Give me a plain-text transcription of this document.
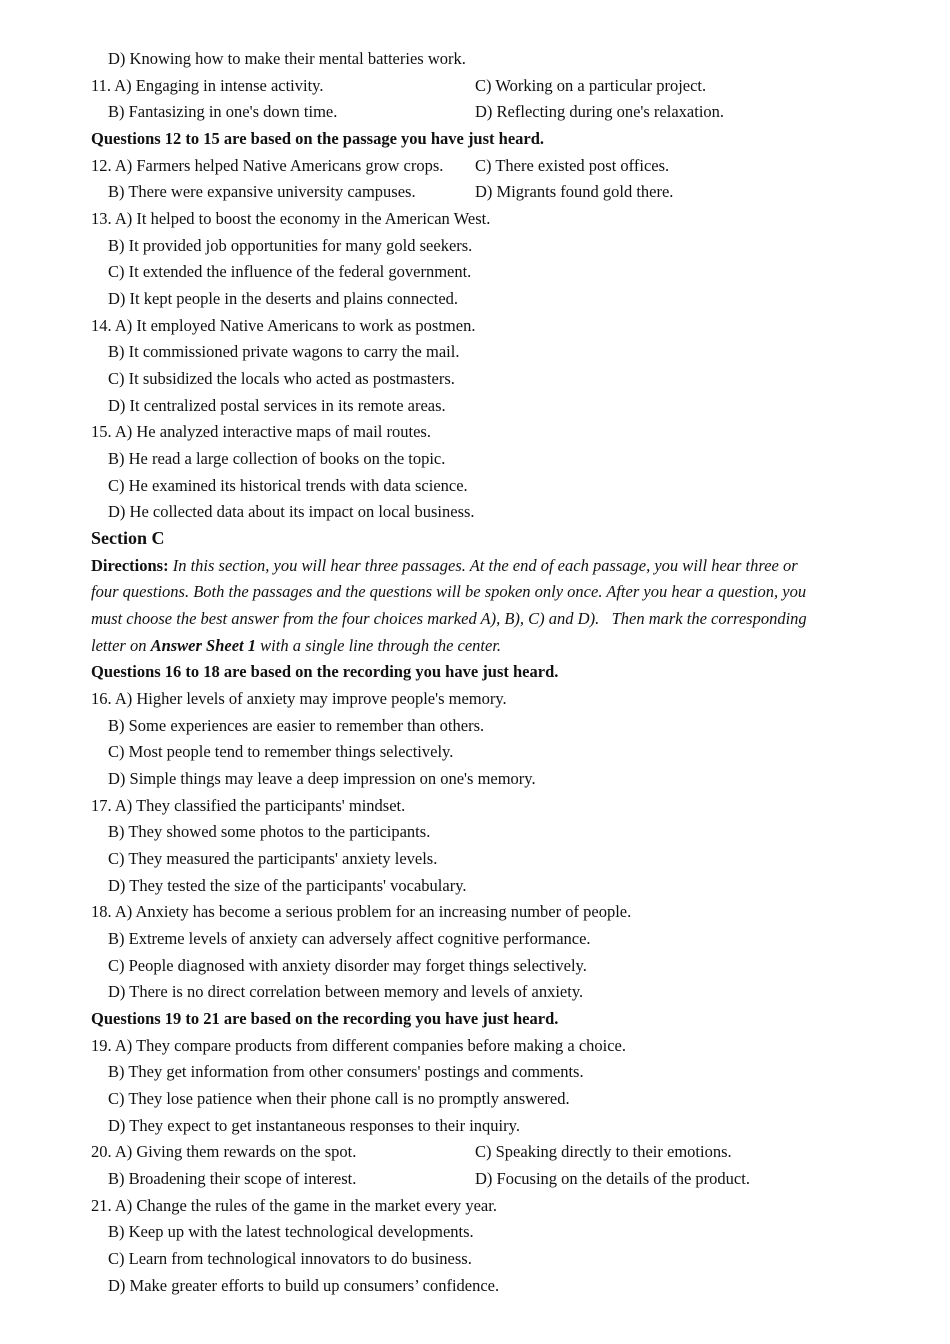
Section C
Directions: In this section, you will hear three passages. At the end of each passage, you will hear three or
four questions. Both the passages and the questions will be spoken only once. After you hear a question, you
must choose the best answer from the four choices marked A), B), C) and D).   Then mark the corresponding
letter on Answer Sheet 1 with a single line through the center.
D) Knowing how to make their mental batteries work.
11. A) Engaging in intense activity.	C) Working on a particular project.
B) Fantasizing in one's down time.	D) Reflecting during one's relaxation.
Questions 12 to 15 are based on the passage you have just heard.
12. A) Farmers helped Native Americans grow crops. C) There existed post offices.
B) There were expansive university campuses.	D) Migrants found gold there.
13. A) It helped to boost the economy in the American West.
B) It provided job opportunities for many gold seekers.
C) It extended the influence of the federal government.
D) It kept people in the deserts and plains connected.
14. A) It employed Native Americans to work as postmen.
B) It commissioned private wagons to carry the mail.
C) It subsidized the locals who acted as postmasters.
D) It centralized postal services in its remote areas.
15. A) He analyzed interactive maps of mail routes.
B) He read a large collection of books on the topic.
C) He examined its historical trends with data science.
D) He collected data about its impact on local business.
Questions 16 to 18 are based on the recording you have just heard.
16. A) Higher levels of anxiety may improve people's memory.
B) Some experiences are easier to remember than others.
C) Most people tend to remember things selectively.
D) Simple things may leave a deep impression on one's memory.
17. A) They classified the participants' mindset.
B) They showed some photos to the participants.
C) They measured the participants' anxiety levels.
D) They tested the size of the participants' vocabulary.
18. A) Anxiety has become a serious problem for an increasing number of people.
B) Extreme levels of anxiety can adversely affect cognitive performance.
C) People diagnosed with anxiety disorder may forget things selectively.
D) There is no direct correlation between memory and levels of anxiety.
Questions 19 to 21 are based on the recording you have just heard.
19. A) They compare products from different companies before making a choice.
B) They get information from other consumers' postings and comments.
C) They lose patience when their phone call is no promptly answered.
D) They expect to get instantaneous responses to their inquiry.
20. A) Giving them rewards on the spot.	C) Speaking directly to their emotions.
B) Broadening their scope of interest.	D) Focusing on the details of the product.
21. A) Change the rules of the game in the market every year.
B) Keep up with the latest technological developments.
C) Learn from technological innovators to do business.
D) Make greater efforts to build up consumers’ confidence.
